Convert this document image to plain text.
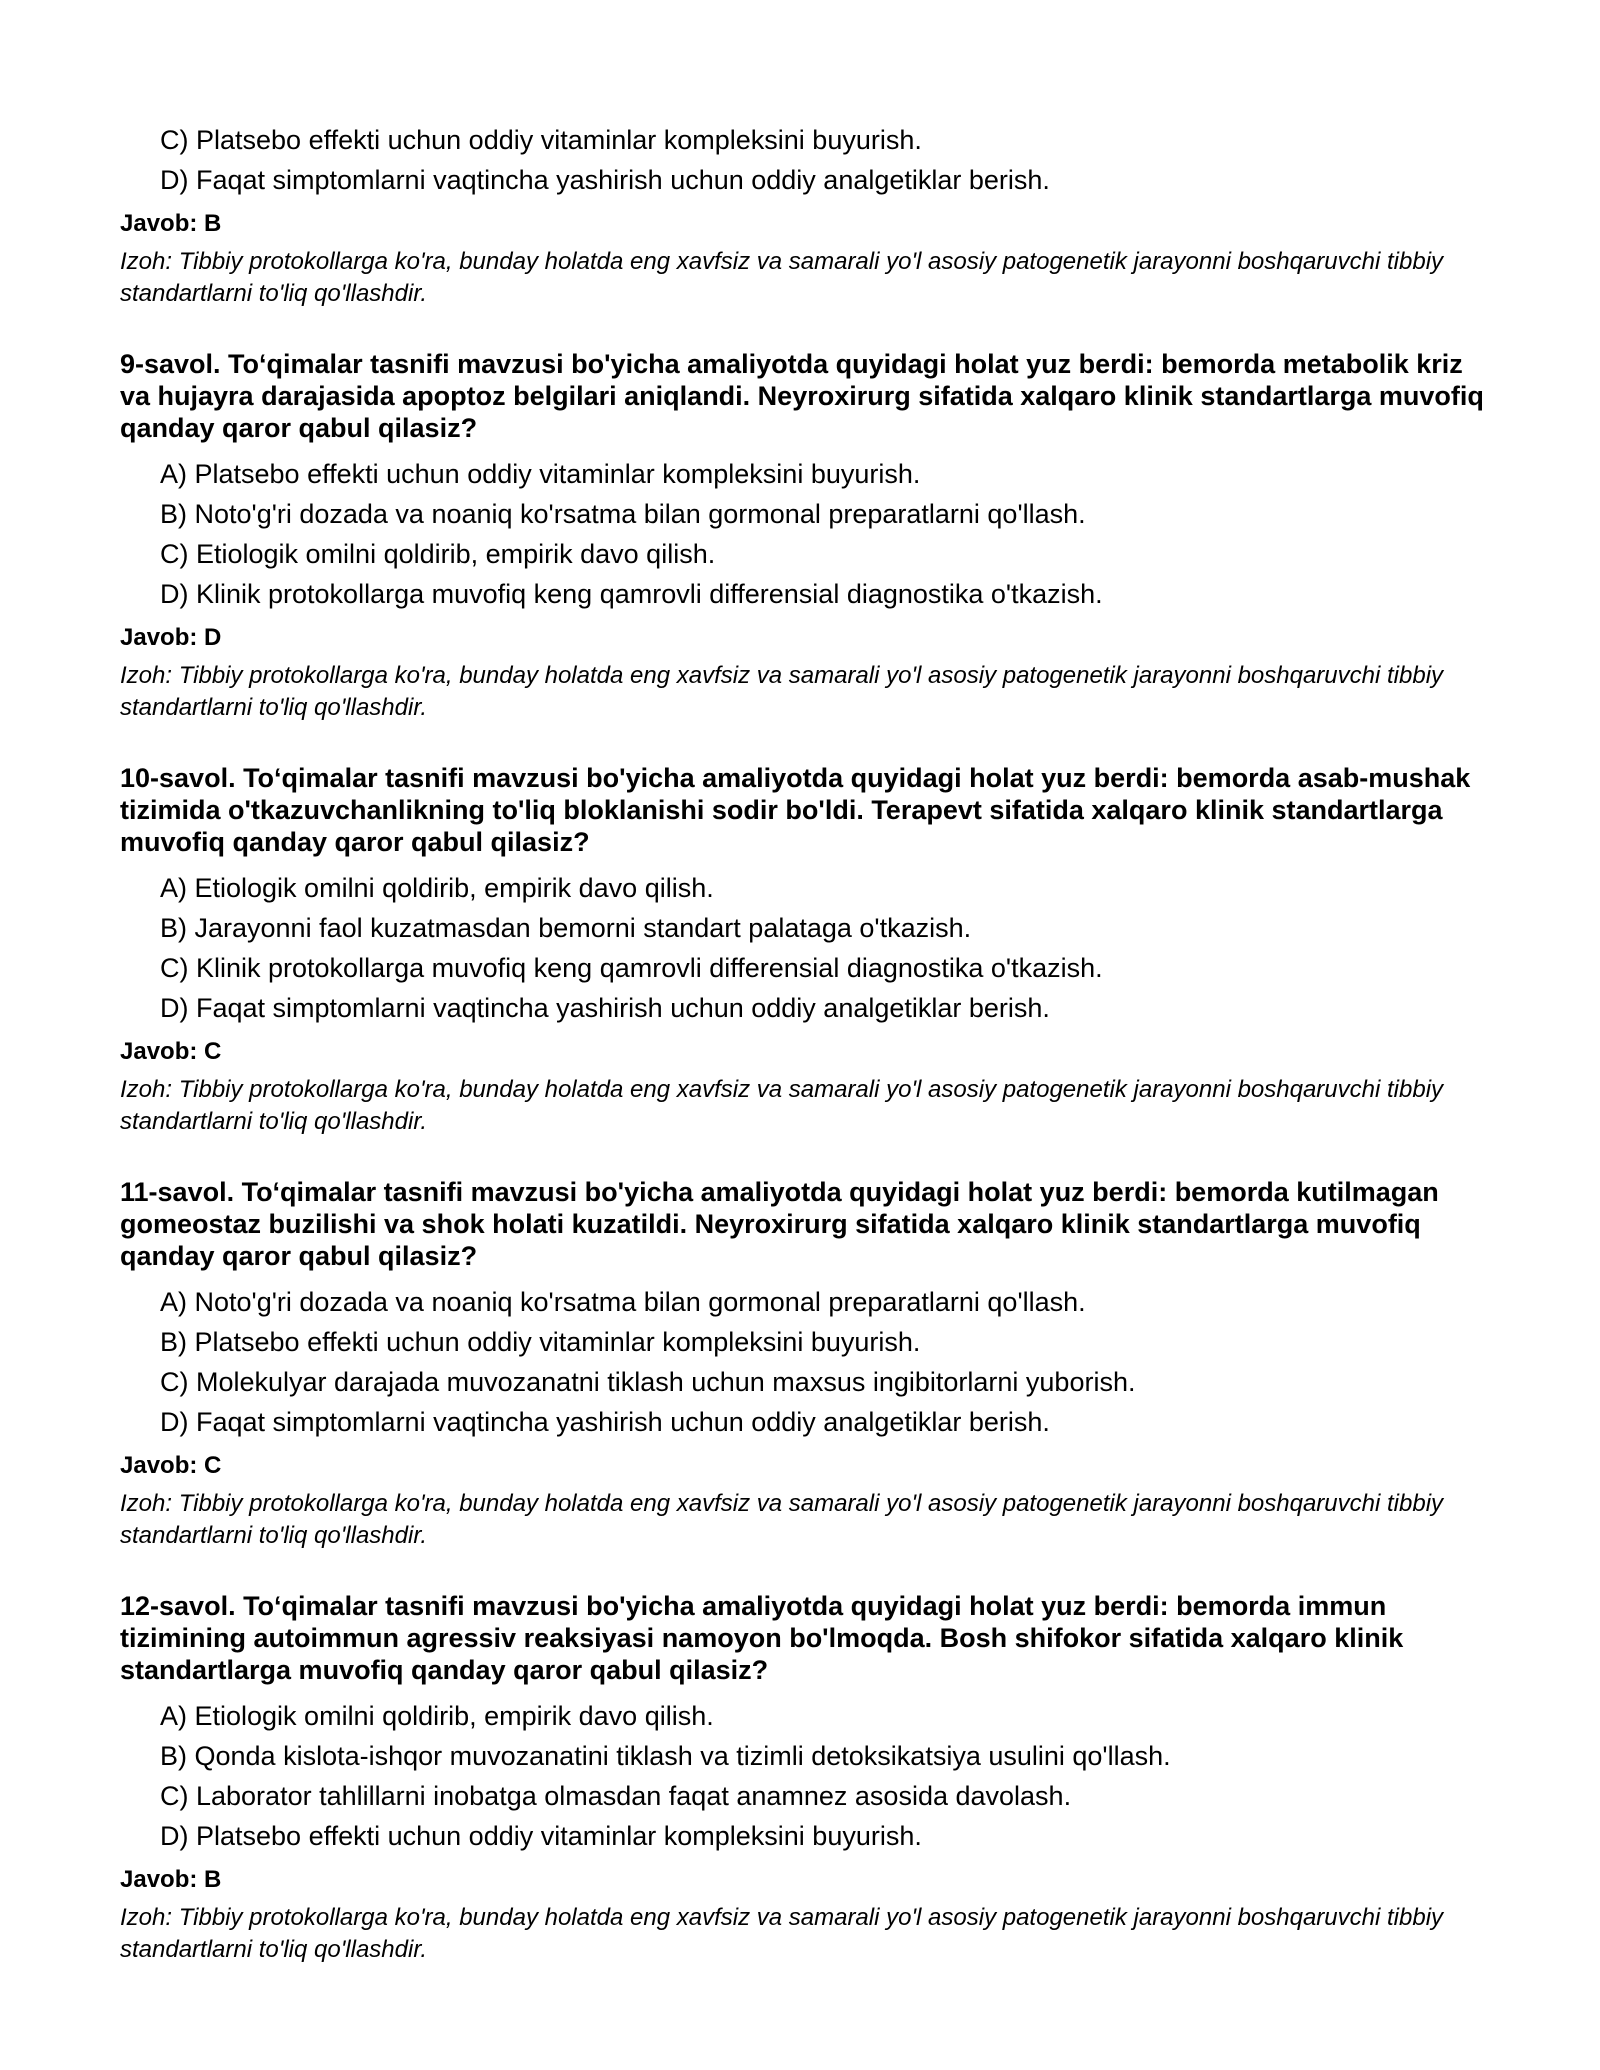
C) Platsebo effekti uchun oddiy vitaminlar kompleksini buyurish.

D) Faqat simptomlarni vaqtincha yashirish uchun oddiy analgetiklar berish.

Javob: B

Izoh: Tibbiy protokollarga ko'ra, bunday holatda eng xavfsiz va samarali yo'l asosiy patogenetik jarayonni boshqaruvchi tibbiy standartlarni to'liq qo'llashdir.

9-savol. To‘qimalar tasnifi mavzusi bo'yicha amaliyotda quyidagi holat yuz berdi: bemorda metabolik kriz va hujayra darajasida apoptoz belgilari aniqlandi. Neyroxirurg sifatida xalqaro klinik standartlarga muvofiq qanday qaror qabul qilasiz?

A) Platsebo effekti uchun oddiy vitaminlar kompleksini buyurish.

B) Noto'g'ri dozada va noaniq ko'rsatma bilan gormonal preparatlarni qo'llash.

C) Etiologik omilni qoldirib, empirik davo qilish.

D) Klinik protokollarga muvofiq keng qamrovli differensial diagnostika o'tkazish.

Javob: D

Izoh: Tibbiy protokollarga ko'ra, bunday holatda eng xavfsiz va samarali yo'l asosiy patogenetik jarayonni boshqaruvchi tibbiy standartlarni to'liq qo'llashdir.

10-savol. To‘qimalar tasnifi mavzusi bo'yicha amaliyotda quyidagi holat yuz berdi: bemorda asab-mushak tizimida o'tkazuvchanlikning to'liq bloklanishi sodir bo'ldi. Terapevt sifatida xalqaro klinik standartlarga muvofiq qanday qaror qabul qilasiz?

A) Etiologik omilni qoldirib, empirik davo qilish.

B) Jarayonni faol kuzatmasdan bemorni standart palataga o'tkazish.

C) Klinik protokollarga muvofiq keng qamrovli differensial diagnostika o'tkazish.

D) Faqat simptomlarni vaqtincha yashirish uchun oddiy analgetiklar berish.

Javob: C

Izoh: Tibbiy protokollarga ko'ra, bunday holatda eng xavfsiz va samarali yo'l asosiy patogenetik jarayonni boshqaruvchi tibbiy standartlarni to'liq qo'llashdir.

11-savol. To‘qimalar tasnifi mavzusi bo'yicha amaliyotda quyidagi holat yuz berdi: bemorda kutilmagan gomeostaz buzilishi va shok holati kuzatildi. Neyroxirurg sifatida xalqaro klinik standartlarga muvofiq qanday qaror qabul qilasiz?

A) Noto'g'ri dozada va noaniq ko'rsatma bilan gormonal preparatlarni qo'llash.

B) Platsebo effekti uchun oddiy vitaminlar kompleksini buyurish.

C) Molekulyar darajada muvozanatni tiklash uchun maxsus ingibitorlarni yuborish.

D) Faqat simptomlarni vaqtincha yashirish uchun oddiy analgetiklar berish.

Javob: C

Izoh: Tibbiy protokollarga ko'ra, bunday holatda eng xavfsiz va samarali yo'l asosiy patogenetik jarayonni boshqaruvchi tibbiy standartlarni to'liq qo'llashdir.

12-savol. To‘qimalar tasnifi mavzusi bo'yicha amaliyotda quyidagi holat yuz berdi: bemorda immun tizimining autoimmun agressiv reaksiyasi namoyon bo'lmoqda. Bosh shifokor sifatida xalqaro klinik standartlarga muvofiq qanday qaror qabul qilasiz?

A) Etiologik omilni qoldirib, empirik davo qilish.

B) Qonda kislota-ishqor muvozanatini tiklash va tizimli detoksikatsiya usulini qo'llash.

C) Laborator tahlillarni inobatga olmasdan faqat anamnez asosida davolash.

D) Platsebo effekti uchun oddiy vitaminlar kompleksini buyurish.

Javob: B

Izoh: Tibbiy protokollarga ko'ra, bunday holatda eng xavfsiz va samarali yo'l asosiy patogenetik jarayonni boshqaruvchi tibbiy standartlarni to'liq qo'llashdir.
